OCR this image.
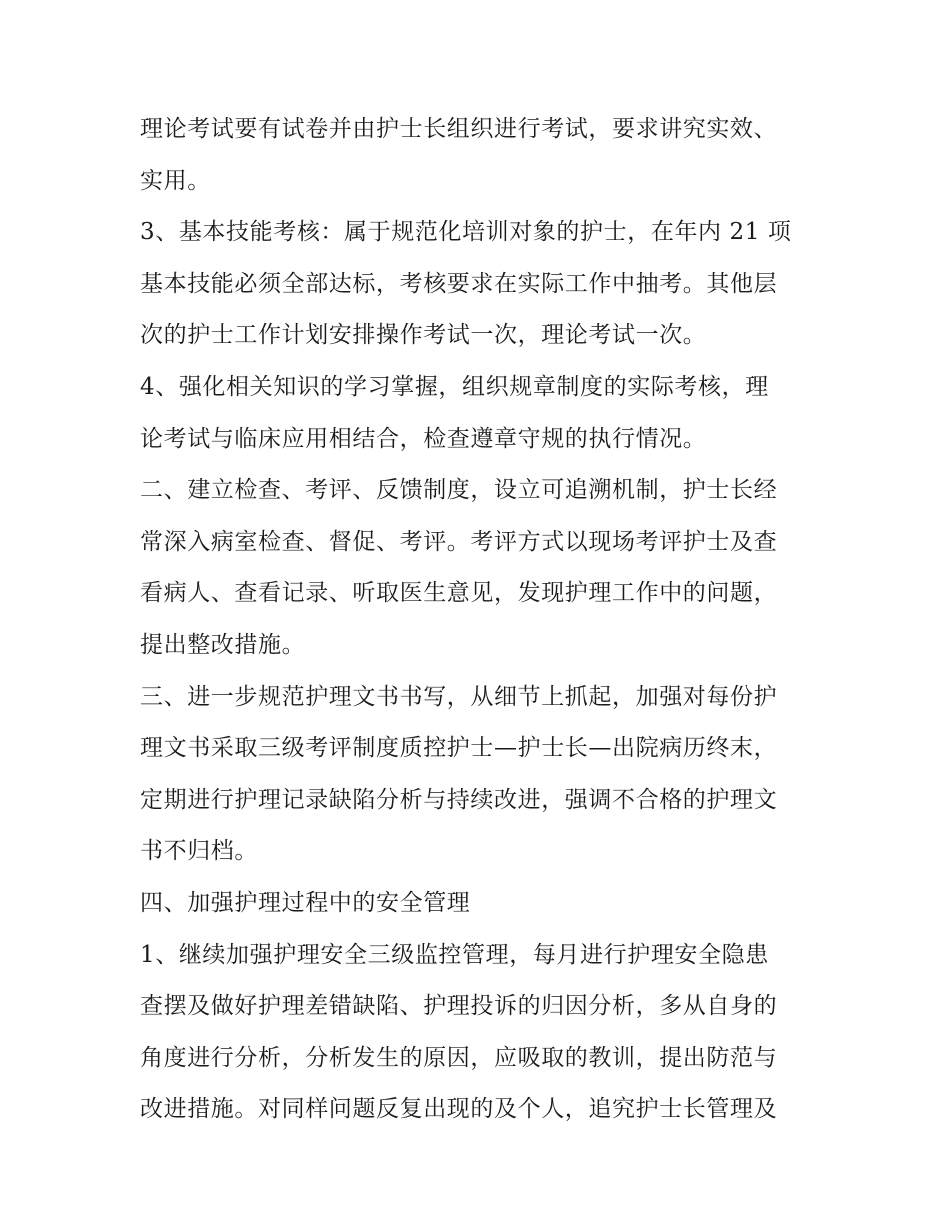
理论考试要有试卷并由护士长组织进行考试，要求讲究实效、
实用。
3、基本技能考核：属于规范化培训对象的护士，在年内 21 项
基本技能必须全部达标，考核要求在实际工作中抽考。其他层
次的护士工作计划安排操作考试一次，理论考试一次。
4、强化相关知识的学习掌握，组织规章制度的实际考核，理
论考试与临床应用相结合，检查遵章守规的执行情况。
二、建立检查、考评、反馈制度，设立可追溯机制，护士长经
常深入病室检查、督促、考评。考评方式以现场考评护士及查
看病人、查看记录、听取医生意见，发现护理工作中的问题，
提出整改措施。
三、进一步规范护理文书书写，从细节上抓起，加强对每份护
理文书采取三级考评制度质控护士—护士长—出院病历终末，
定期进行护理记录缺陷分析与持续改进，强调不合格的护理文
书不归档。
四、加强护理过程中的安全管理
1、继续加强护理安全三级监控管理，每月进行护理安全隐患
查摆及做好护理差错缺陷、护理投诉的归因分析，多从自身的
角度进行分析，分析发生的原因，应吸取的教训，提出防范与
改进措施。对同样问题反复出现的及个人，追究护士长管理及
